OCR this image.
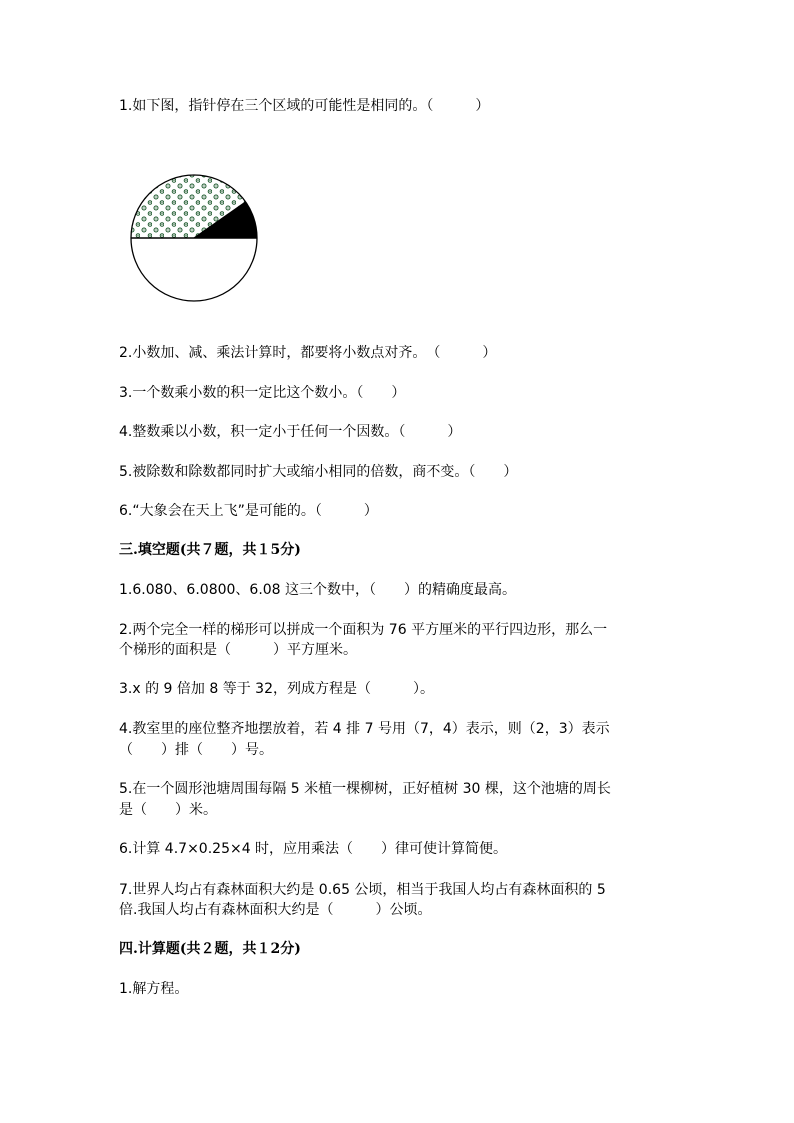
1.如下图，指针停在三个区域的可能性是相同的。（　　　）
2.小数加、减、乘法计算时，都要将小数点对齐。　（　　　）
3.一个数乘小数的积一定比这个数小。（　　）
4.整数乘以小数，积一定小于任何一个因数。（　　　）
5.被除数和除数都同时扩大或缩小相同的倍数，商不变。（　　）
6.“大象会在天上飞”是可能的。（　　　）
三.填空题(共７题，共１5分)
1.6.080、6.0800、6.08 这三个数中，（　　）的精确度最高。
2.两个完全一样的梯形可以拼成一个面积为 76 平方厘米的平行四边形，那么一
个梯形的面积是（　　　）平方厘米。
3.x 的 9 倍加 8 等于 32，列成方程是（　　　）。
4.教室里的座位整齐地摆放着，若 4 排 7 号用（7，4）表示，则（2，3）表示
（　　）排（　　）号。
5.在一个圆形池塘周围每隔 5 米植一棵柳树，正好植树 30 棵，这个池塘的周长
是（　　）米。
6.计算 4.7×0.25×4 时，应用乘法（　　）律可使计算简便。
7.世界人均占有森林面积大约是 0.65 公顷，相当于我国人均占有森林面积的 5
倍.我国人均占有森林面积大约是（　　　）公顷。
四.计算题(共２题，共１2分)
1.解方程。
